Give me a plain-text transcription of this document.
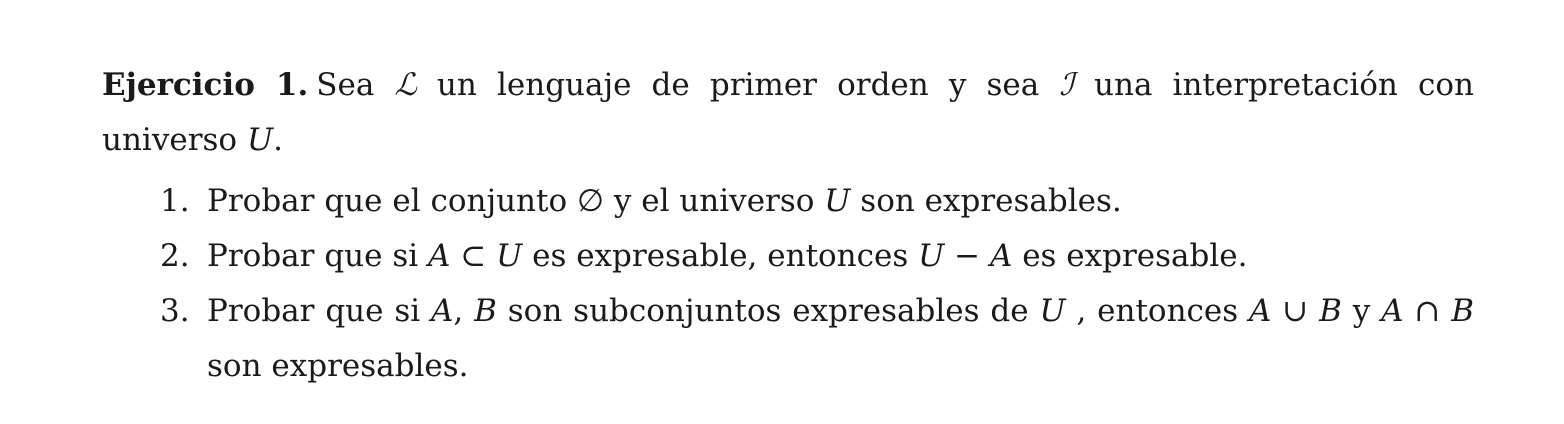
Ejercicio 1. Sea ℒ un lenguaje de primer orden y sea ℐ una interpretación con universo U.

1. Probar que el conjunto ∅ y el universo U son expresables.
2. Probar que si A ⊂ U es expresable, entonces U − A es expresable.
3. Probar que si A, B son subconjuntos expresables de U , entonces A ∪ B y A ∩ B son expresables.
